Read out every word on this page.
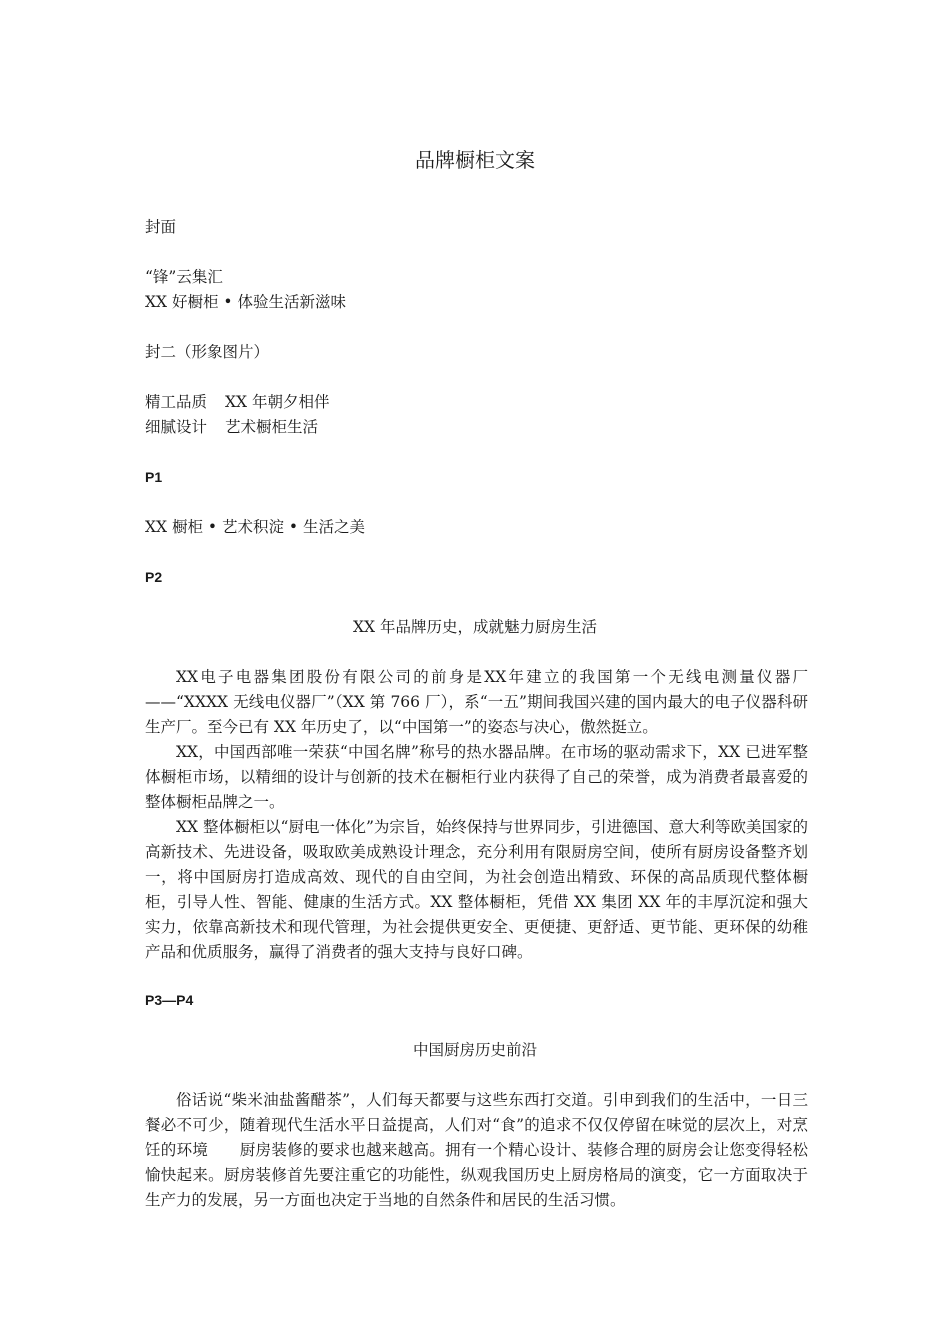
品牌橱柜文案
封面
“锋”云集汇
XX 好橱柜 • 体验生活新滋味
封二（形象图片）
精工品质 XX 年朝夕相伴
细腻设计 艺术橱柜生活
P1
XX 橱柜 • 艺术积淀 • 生活之美
P2
XX 年品牌历史，成就魅力厨房生活

XX电子电器集团股份有限公司的前身是XX年建立的我国第一个无线电测量仪器厂——“XXXX 无线电仪器厂”（XX 第 766 厂），系“一五”期间我国兴建的国内最大的电子仪器科研生产厂。至今已有 XX 年历史了，以“中国第一”的姿态与决心，傲然挺立。

XX，中国西部唯一荣获“中国名牌”称号的热水器品牌。在市场的驱动需求下，XX 已进军整体橱柜市场，以精细的设计与创新的技术在橱柜行业内获得了自己的荣誉，成为消费者最喜爱的整体橱柜品牌之一。

XX 整体橱柜以“厨电一体化”为宗旨，始终保持与世界同步，引进德国、意大利等欧美国家的高新技术、先进设备，吸取欧美成熟设计理念，充分利用有限厨房空间，使所有厨房设备整齐划一，将中国厨房打造成高效、现代的自由空间，为社会创造出精致、环保的高品质现代整体橱柜，引导人性、智能、健康的生活方式。XX 整体橱柜，凭借 XX 集团 XX 年的丰厚沉淀和强大实力，依靠高新技术和现代管理，为社会提供更安全、更便捷、更舒适、更节能、更环保的幼稚产品和优质服务，赢得了消费者的强大支持与良好口碑。

P3—P4
中国厨房历史前沿

俗话说“柴米油盐酱醋茶”，人们每天都要与这些东西打交道。引申到我们的生活中，一日三餐必不可少，随着现代生活水平日益提高，人们对“食”的追求不仅仅停留在味觉的层次上，对烹饪的环境　　厨房装修的要求也越来越高。拥有一个精心设计、装修合理的厨房会让您变得轻松愉快起来。厨房装修首先要注重它的功能性，纵观我国历史上厨房格局的演变，它一方面取决于生产力的发展，另一方面也决定于当地的自然条件和居民的生活习惯。
